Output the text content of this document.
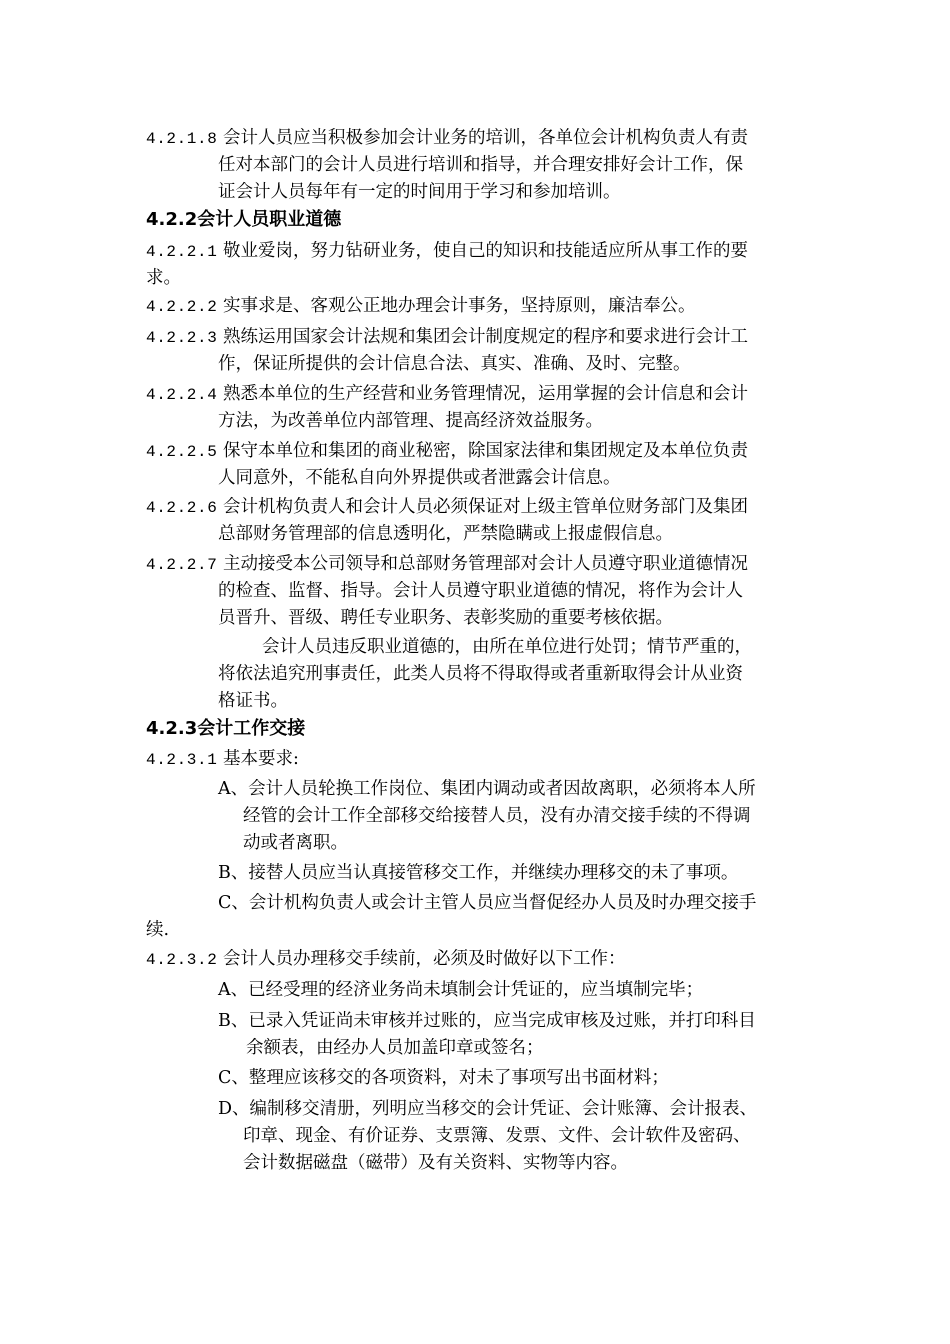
4.2.1.8 会计人员应当积极参加会计业务的培训，各单位会计机构负责人有责
任对本部门的会计人员进行培训和指导，并合理安排好会计工作，保
证会计人员每年有一定的时间用于学习和参加培训。
4.2.2会计人员职业道德
4.2.2.1 敬业爱岗，努力钻研业务，使自己的知识和技能适应所从事工作的要
求。
4.2.2.2 实事求是、客观公正地办理会计事务，坚持原则，廉洁奉公。
4.2.2.3 熟练运用国家会计法规和集团会计制度规定的程序和要求进行会计工
作，保证所提供的会计信息合法、真实、准确、及时、完整。
4.2.2.4 熟悉本单位的生产经营和业务管理情况，运用掌握的会计信息和会计
方法，为改善单位内部管理、提高经济效益服务。
4.2.2.5 保守本单位和集团的商业秘密，除国家法律和集团规定及本单位负责
人同意外，不能私自向外界提供或者泄露会计信息。
4.2.2.6 会计机构负责人和会计人员必须保证对上级主管单位财务部门及集团
总部财务管理部的信息透明化，严禁隐瞒或上报虚假信息。
4.2.2.7 主动接受本公司领导和总部财务管理部对会计人员遵守职业道德情况
的检查、监督、指导。会计人员遵守职业道德的情况，将作为会计人
员晋升、晋级、聘任专业职务、表彰奖励的重要考核依据。
会计人员违反职业道德的，由所在单位进行处罚；情节严重的，
将依法追究刑事责任，此类人员将不得取得或者重新取得会计从业资
格证书。
4.2.3会计工作交接
4.2.3.1 基本要求:
A、会计人员轮换工作岗位、集团内调动或者因故离职，必须将本人所
经管的会计工作全部移交给接替人员，没有办清交接手续的不得调
动或者离职。
B、接替人员应当认真接管移交工作，并继续办理移交的未了事项。
C、会计机构负责人或会计主管人员应当督促经办人员及时办理交接手
续.
4.2.3.2 会计人员办理移交手续前，必须及时做好以下工作：
A、已经受理的经济业务尚未填制会计凭证的，应当填制完毕；
B、已录入凭证尚未审核并过账的，应当完成审核及过账，并打印科目
余额表，由经办人员加盖印章或签名；
C、整理应该移交的各项资料，对未了事项写出书面材料；
D、编制移交清册，列明应当移交的会计凭证、会计账簿、会计报表、
印章、现金、有价证券、支票簿、发票、文件、会计软件及密码、
会计数据磁盘（磁带）及有关资料、实物等内容。
